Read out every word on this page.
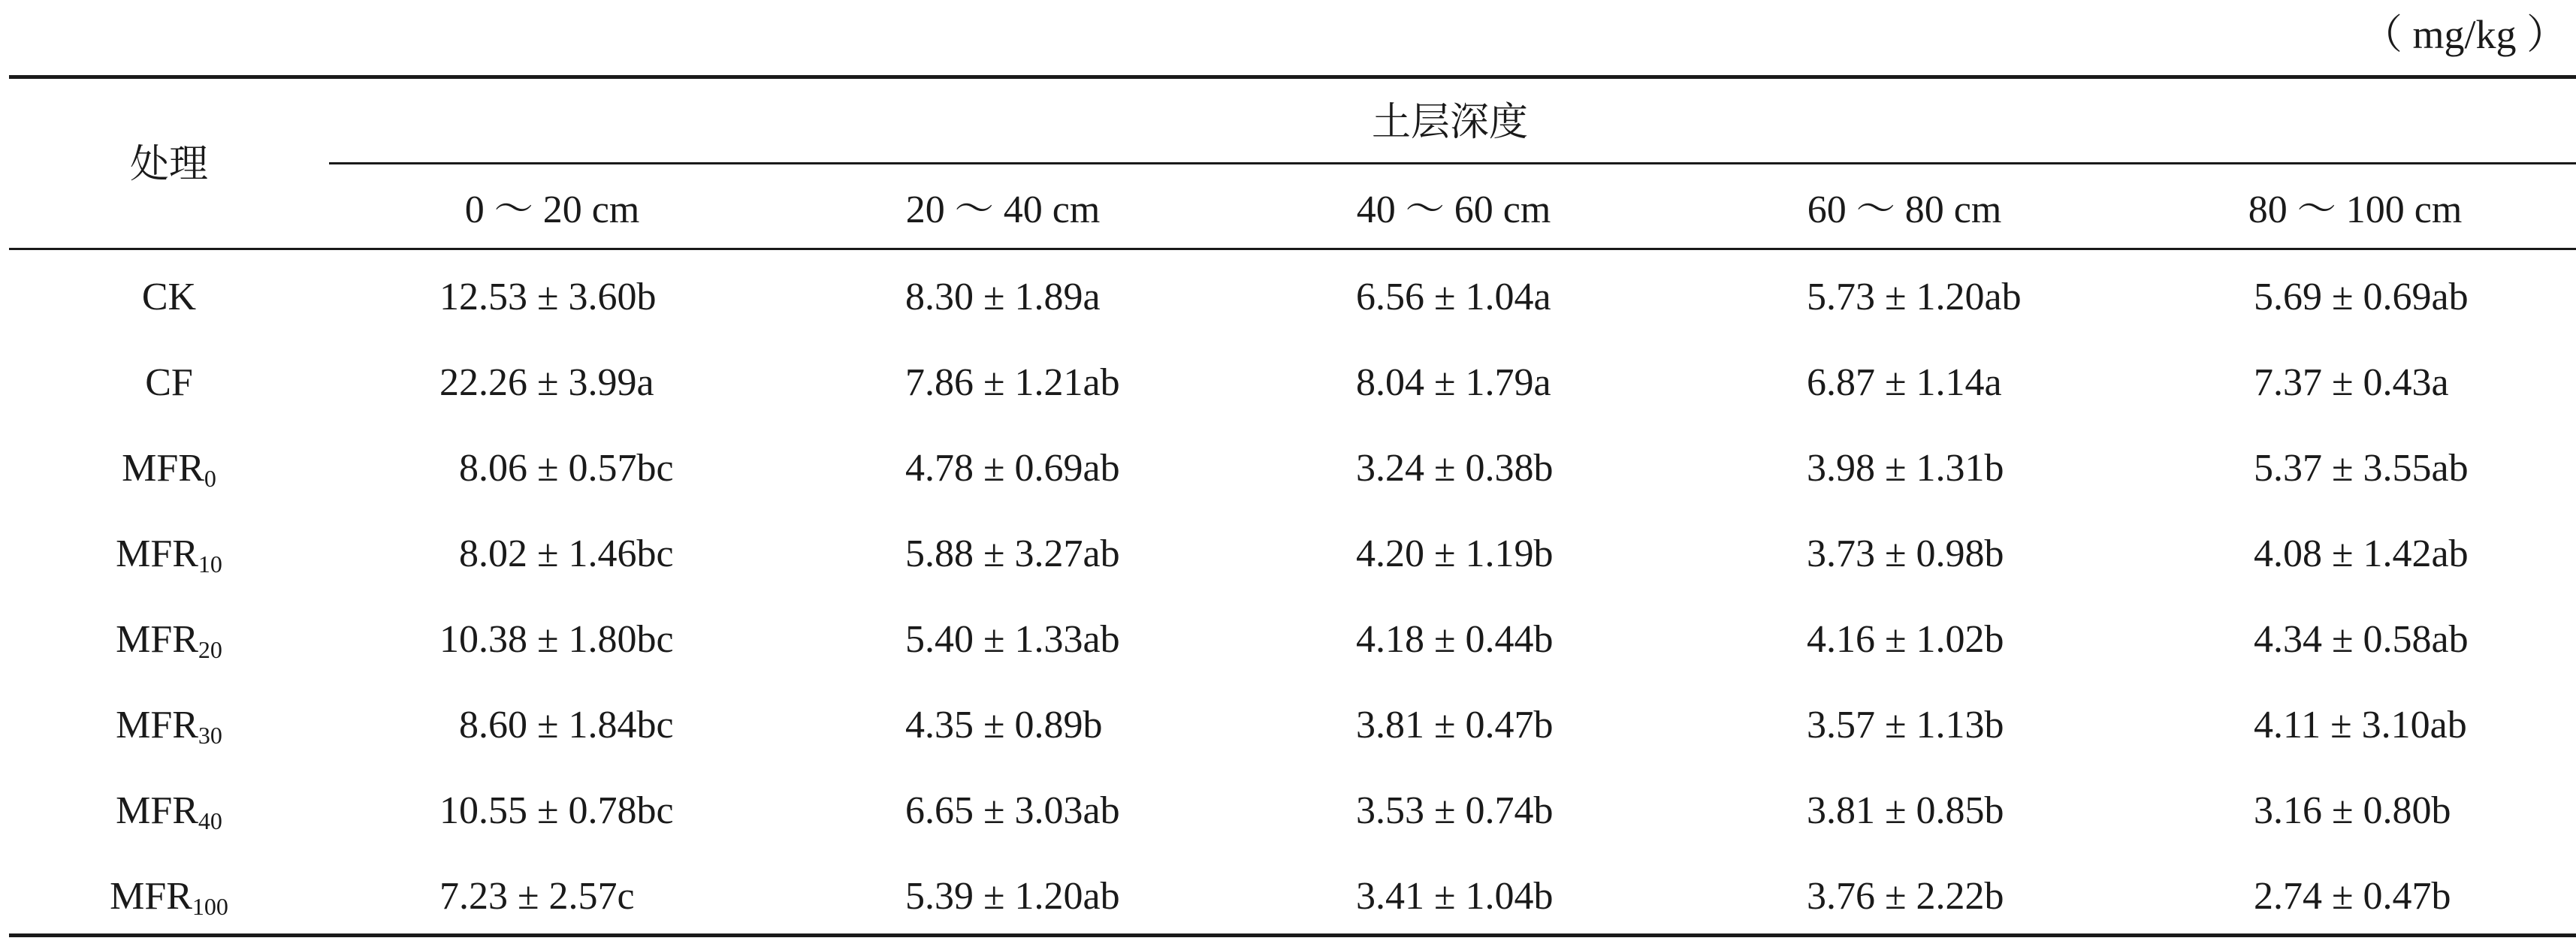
（ mg/kg ）
处理
土层深度
0 ～ 20 cm	20 ～ 40 cm	40 ～ 60 cm	60 ～ 80 cm	80 ～ 100 cm
CK	12.53 ± 3.60b	8.30 ± 1.89a	6.56 ± 1.04a	5.73 ± 1.20ab	5.69 ± 0.69ab
CF	22.26 ± 3.99a	7.86 ± 1.21ab	8.04 ± 1.79a	6.87 ± 1.14a	7.37 ± 0.43a
$MFR_0$	8.06 ± 0.57bc	4.78 ± 0.69ab	3.24 ± 0.38b	3.98 ± 1.31b	5.37 ± 3.55ab
$MFR_{10}$	8.02 ± 1.46bc	5.88 ± 3.27ab	4.20 ± 1.19b	3.73 ± 0.98b	4.08 ± 1.42ab
$MFR_{20}$	10.38 ± 1.80bc	5.40 ± 1.33ab	4.18 ± 0.44b	4.16 ± 1.02b	4.34 ± 0.58ab
$MFR_{30}$	8.60 ± 1.84bc	4.35 ± 0.89b	3.81 ± 0.47b	3.57 ± 1.13b	4.11 ± 3.10ab
$MFR_{40}$	10.55 ± 0.78bc	6.65 ± 3.03ab	3.53 ± 0.74b	3.81 ± 0.85b	3.16 ± 0.80b
$MFR_{100}$	7.23 ± 2.57c	5.39 ± 1.20ab	3.41 ± 1.04b	3.76 ± 2.22b	2.74 ± 0.47b
